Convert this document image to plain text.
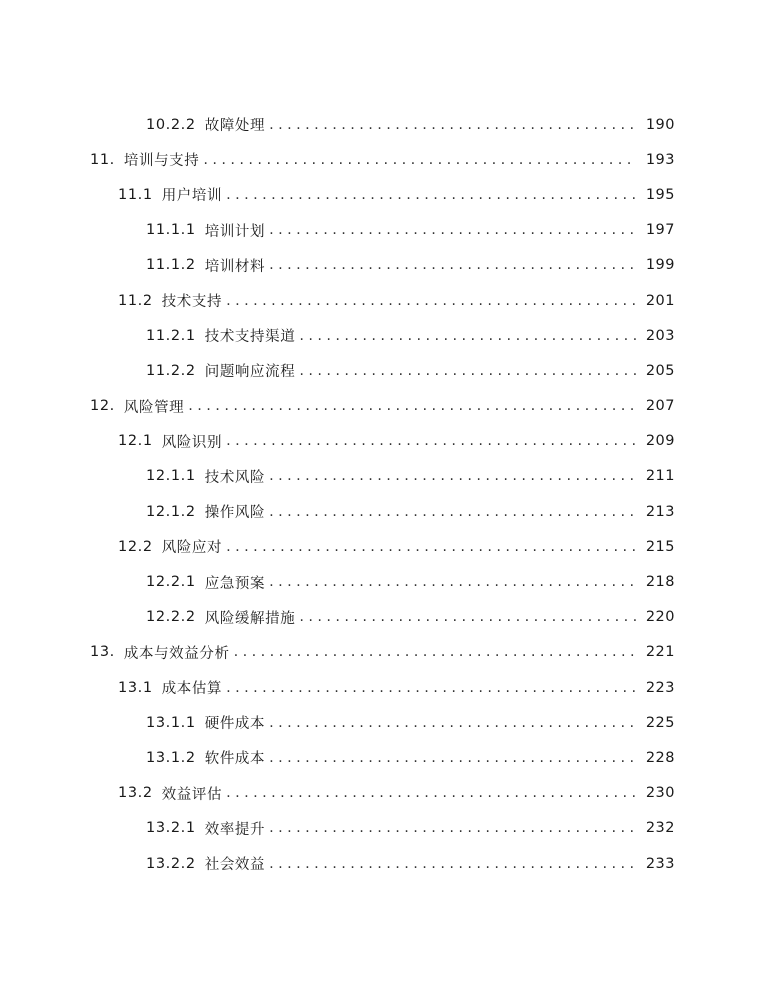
10.2.2 故障处理 .....	190
11. 培训与支持 .....	193
11.1 用户培训 .....	195
11.1.1 培训计划 .....	197
11.1.2 培训材料 .....	199
11.2 技术支持 .....	201
11.2.1 技术支持渠道 .....	203
11.2.2 问题响应流程 .....	205
12. 风险管理 .....	207
12.1 风险识别 .....	209
12.1.1 技术风险 .....	211
12.1.2 操作风险 .....	213
12.2 风险应对 .....	215
12.2.1 应急预案 .....	218
12.2.2 风险缓解措施 .....	220
13. 成本与效益分析 .....	221
13.1 成本估算 .....	223
13.1.1 硬件成本 .....	225
13.1.2 软件成本 .....	228
13.2 效益评估 .....	230
13.2.1 效率提升 .....	232
13.2.2 社会效益 .....	233
